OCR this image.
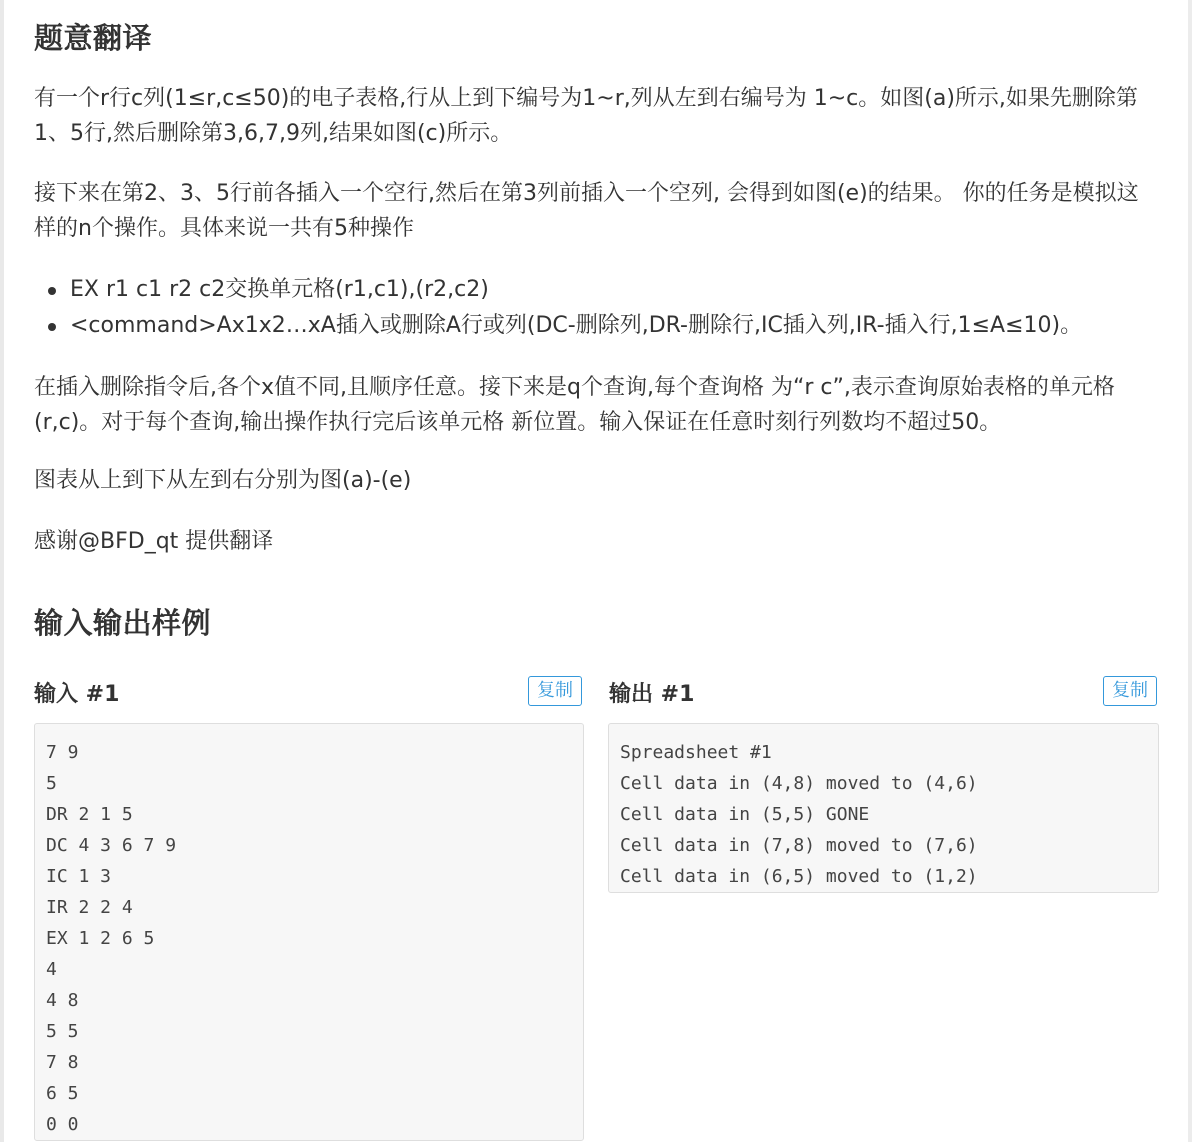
题意翻译

有一个r行c列(1≤r,c≤50)的电子表格,行从上到下编号为1~r,列从左到右编号为 1~c。如图(a)所示,如果先删除第1、5行,然后删除第3,6,7,9列,结果如图(c)所示。

接下来在第2、3、5行前各插入一个空行,然后在第3列前插入一个空列, 会得到如图(e)的结果。 你的任务是模拟这样的n个操作。具体来说一共有5种操作

EX r1 c1 r2 c2交换单元格(r1,c1),(r2,c2)
<command>Ax1x2…xA插入或删除A行或列(DC-删除列,DR-删除行,IC插入列,IR-插入行,1≤A≤10)。

在插入删除指令后,各个x值不同,且顺序任意。接下来是q个查询,每个查询格 为“r c”,表示查询原始表格的单元格(r,c)。对于每个查询,输出操作执行完后该单元格 新位置。输入保证在任意时刻行列数均不超过50。

图表从上到下从左到右分别为图(a)-(e)

感谢@BFD_qt 提供翻译

输入输出样例
输入 #1	复制
7 9
5
DR 2 1 5
DC 4 3 6 7 9
IC 1 3
IR 2 2 4
EX 1 2 6 5
4
4 8
5 5
7 8
6 5
0 0
输出 #1	复制
Spreadsheet #1
Cell data in (4,8) moved to (4,6)
Cell data in (5,5) GONE
Cell data in (7,8) moved to (7,6)
Cell data in (6,5) moved to (1,2)
